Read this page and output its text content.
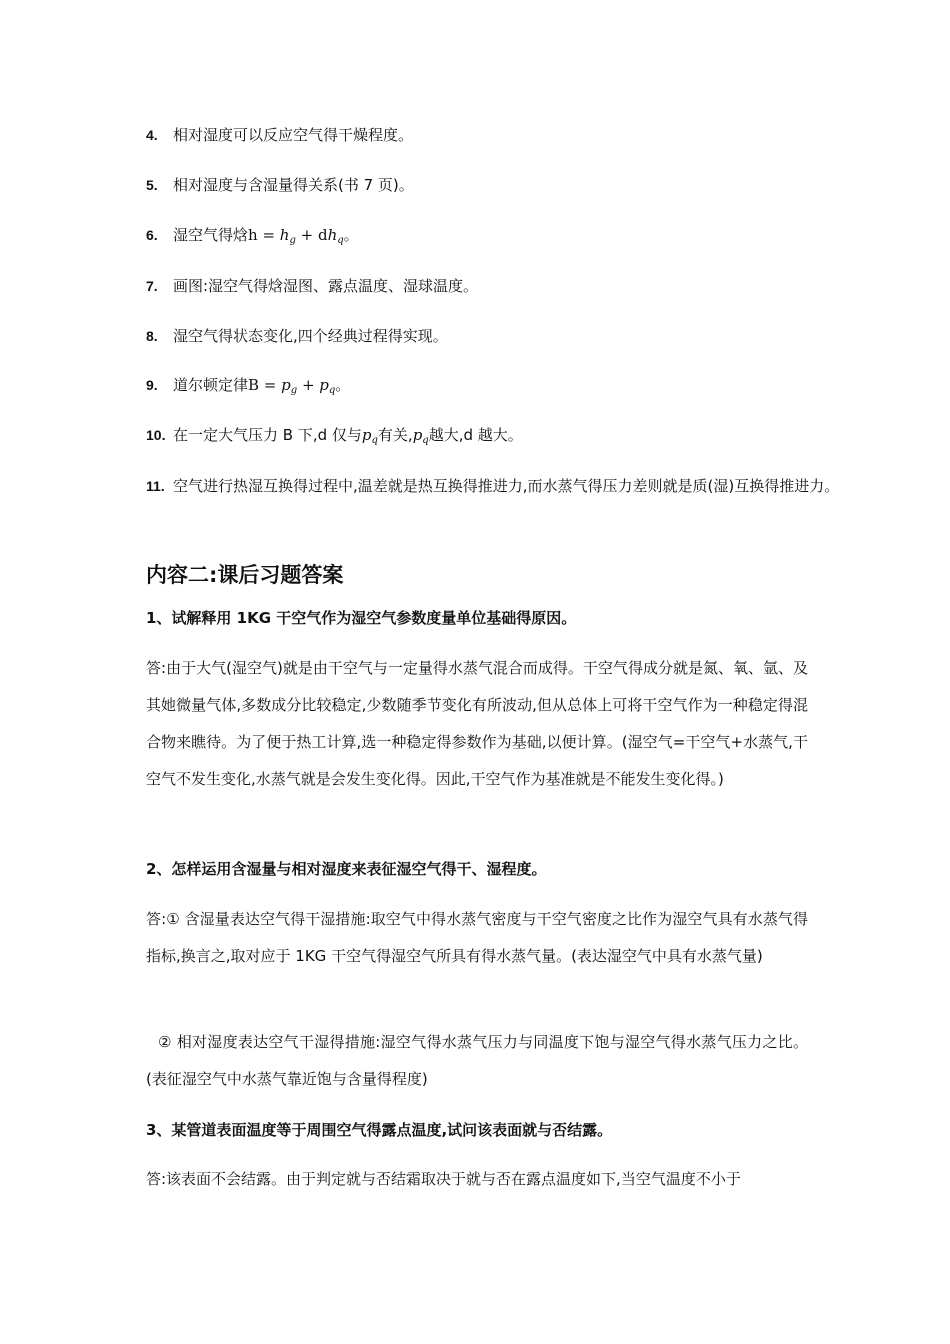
4. 相对湿度可以反应空气得干燥程度。
5. 相对湿度与含湿量得关系(书 7 页)。
6. 湿空气得焓$h = h_g + dh_q$。
7. 画图:湿空气得焓湿图、露点温度、湿球温度。
8. 湿空气得状态变化,四个经典过程得实现。
9. 道尔顿定律$B = p_g + p_q$。
10. 在一定大气压力 B 下,d 仅与$p_q$有关$,p_q$越大,d 越大。
11. 空气进行热湿互换得过程中,温差就是热互换得推进力,而水蒸气得压力差则就是质(湿)互换得推进力。
内容二:课后习题答案
1、试解释用 1KG 干空气作为湿空气参数度量单位基础得原因。
答:由于大气(湿空气)就是由干空气与一定量得水蒸气混合而成得。干空气得成分就是氮、氧、氩、及其她微量气体,多数成分比较稳定,少数随季节变化有所波动,但从总体上可将干空气作为一种稳定得混合物来瞧待。为了便于热工计算,选一种稳定得参数作为基础,以便计算。(湿空气=干空气+水蒸气,干空气不发生变化,水蒸气就是会发生变化得。因此,干空气作为基准就是不能发生变化得。)
2、怎样运用含湿量与相对湿度来表征湿空气得干、湿程度。
答:① 含湿量表达空气得干湿措施:取空气中得水蒸气密度与干空气密度之比作为湿空气具有水蒸气得指标,换言之,取对应于 1KG 干空气得湿空气所具有得水蒸气量。(表达湿空气中具有水蒸气量)
② 相对湿度表达空气干湿得措施:湿空气得水蒸气压力与同温度下饱与湿空气得水蒸气压力之比。(表征湿空气中水蒸气靠近饱与含量得程度)
3、某管道表面温度等于周围空气得露点温度,试问该表面就与否结露。
答:该表面不会结露。由于判定就与否结霜取决于就与否在露点温度如下,当空气温度不小于
